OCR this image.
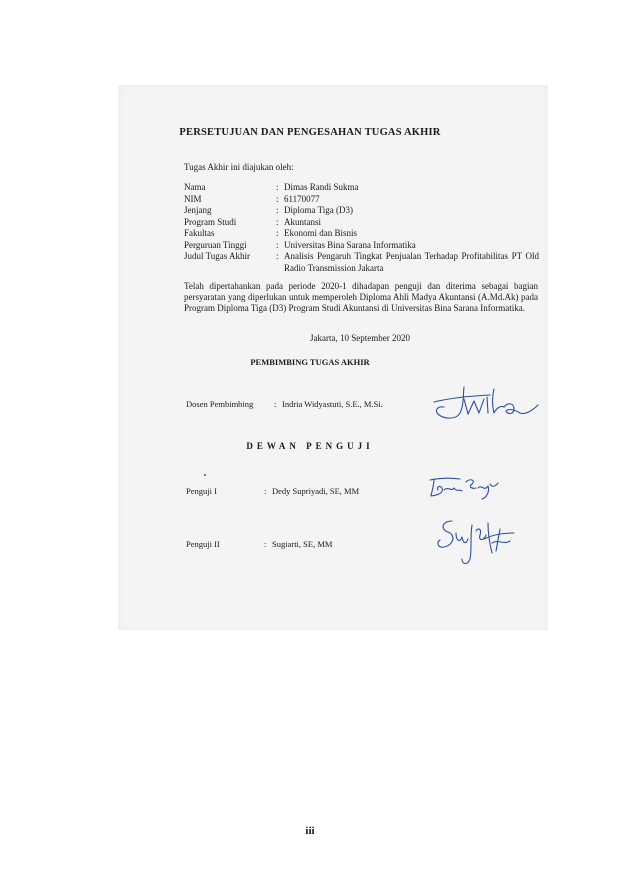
PERSETUJUAN DAN PENGESAHAN TUGAS AKHIR
Tugas Akhir ini diajukan oleh:
Nama	: Dimas Randi Sukma
NIM	: 61170077
Jenjang	: Diploma Tiga (D3)
Program Studi	: Akuntansi
Fakultas	: Ekonomi dan Bisnis
Perguruan Tinggi	: Universitas Bina Sarana Informatika
Judul Tugas Akhir	: Analisis Pengaruh Tingkat Penjualan Terhadap Profitabilitas PT Old Radio Transmission Jakarta
Telah dipertahankan pada periode 2020-1 dihadapan penguji dan diterima sebagai bagian persyaratan yang diperlukan untuk memperoleh Diploma Ahli Madya Akuntansi (A.Md.Ak) pada Program Diploma Tiga (D3) Program Studi Akuntansi di Universitas Bina Sarana Informatika.
Jakarta, 10 September 2020
PEMBIMBING TUGAS AKHIR
Dosen Pembimbing	: Indria Widyastuti, S.E., M.Si.
DEWAN PENGUJI
Penguji I	: Dedy Supriyadi, SE, MM
Penguji II	: Sugiarti, SE, MM
iii
